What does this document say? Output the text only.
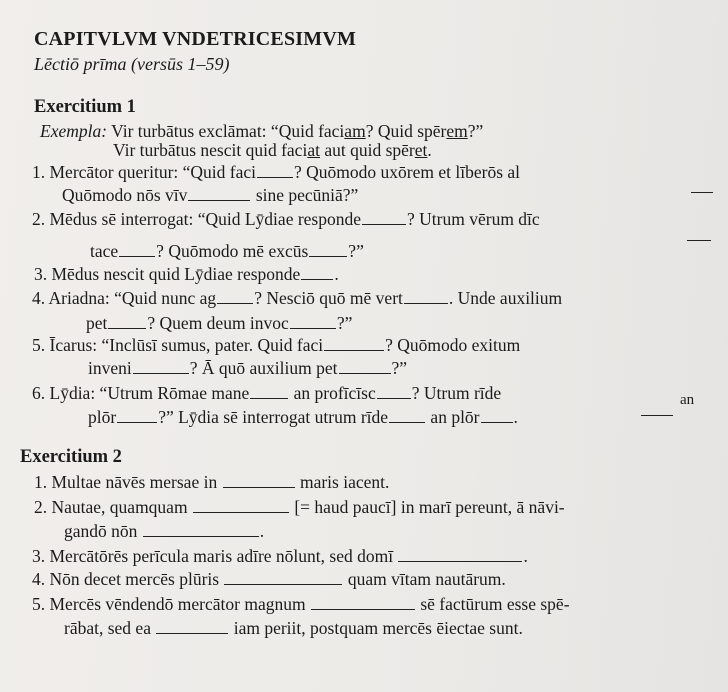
CAPITVLVM VNDETRICESIMVM
Lēctiō prīma (versūs 1–59)
Exercitium 1
Exempla: Vir turbātus exclāmat: “Quid faciam? Quid spērem?”
Vir turbātus nescit quid faciat aut quid spēret.
1. Mercātor queritur: “Quid faci ? Quōmodo uxōrem et līberōs al
Quōmodo nōs vīv	sine pecūniā?”
2. Mēdus sē interrogat: “Quid Lȳdiae responde	? Utrum vērum dīc
tace ? Quōmodo mē excūs ?”
3. Mēdus nescit quid Lȳdiae responde .
4. Ariadna: “Quid nunc ag ? Nesciō quō mē vert	. Unde auxilium
pet ? Quem deum invoc	?”
5. Īcarus: “Inclūsī sumus, pater. Quid faci	? Quōmodo exitum
inveni	? Ā quō auxilium pet	?”
6. Lȳdia: “Utrum Rōmae mane an profīcīsc ? Utrum rīde	an
plōr ?” Lȳdia sē interrogat utrum rīde an plōr .
Exercitium 2
1. Multae nāvēs mersae in	maris iacent.
2. Nautae, quamquam	[= haud paucī] in marī pereunt, ā nāvi-
gandō nōn	.
3. Mercātōrēs perīcula maris adīre nōlunt, sed domī	.
4. Nōn decet mercēs plūris	quam vītam nautārum.
5. Mercēs vēndendō mercātor magnum	sē factūrum esse spē-
rābat, sed ea	iam periit, postquam mercēs ēiectae sunt.
